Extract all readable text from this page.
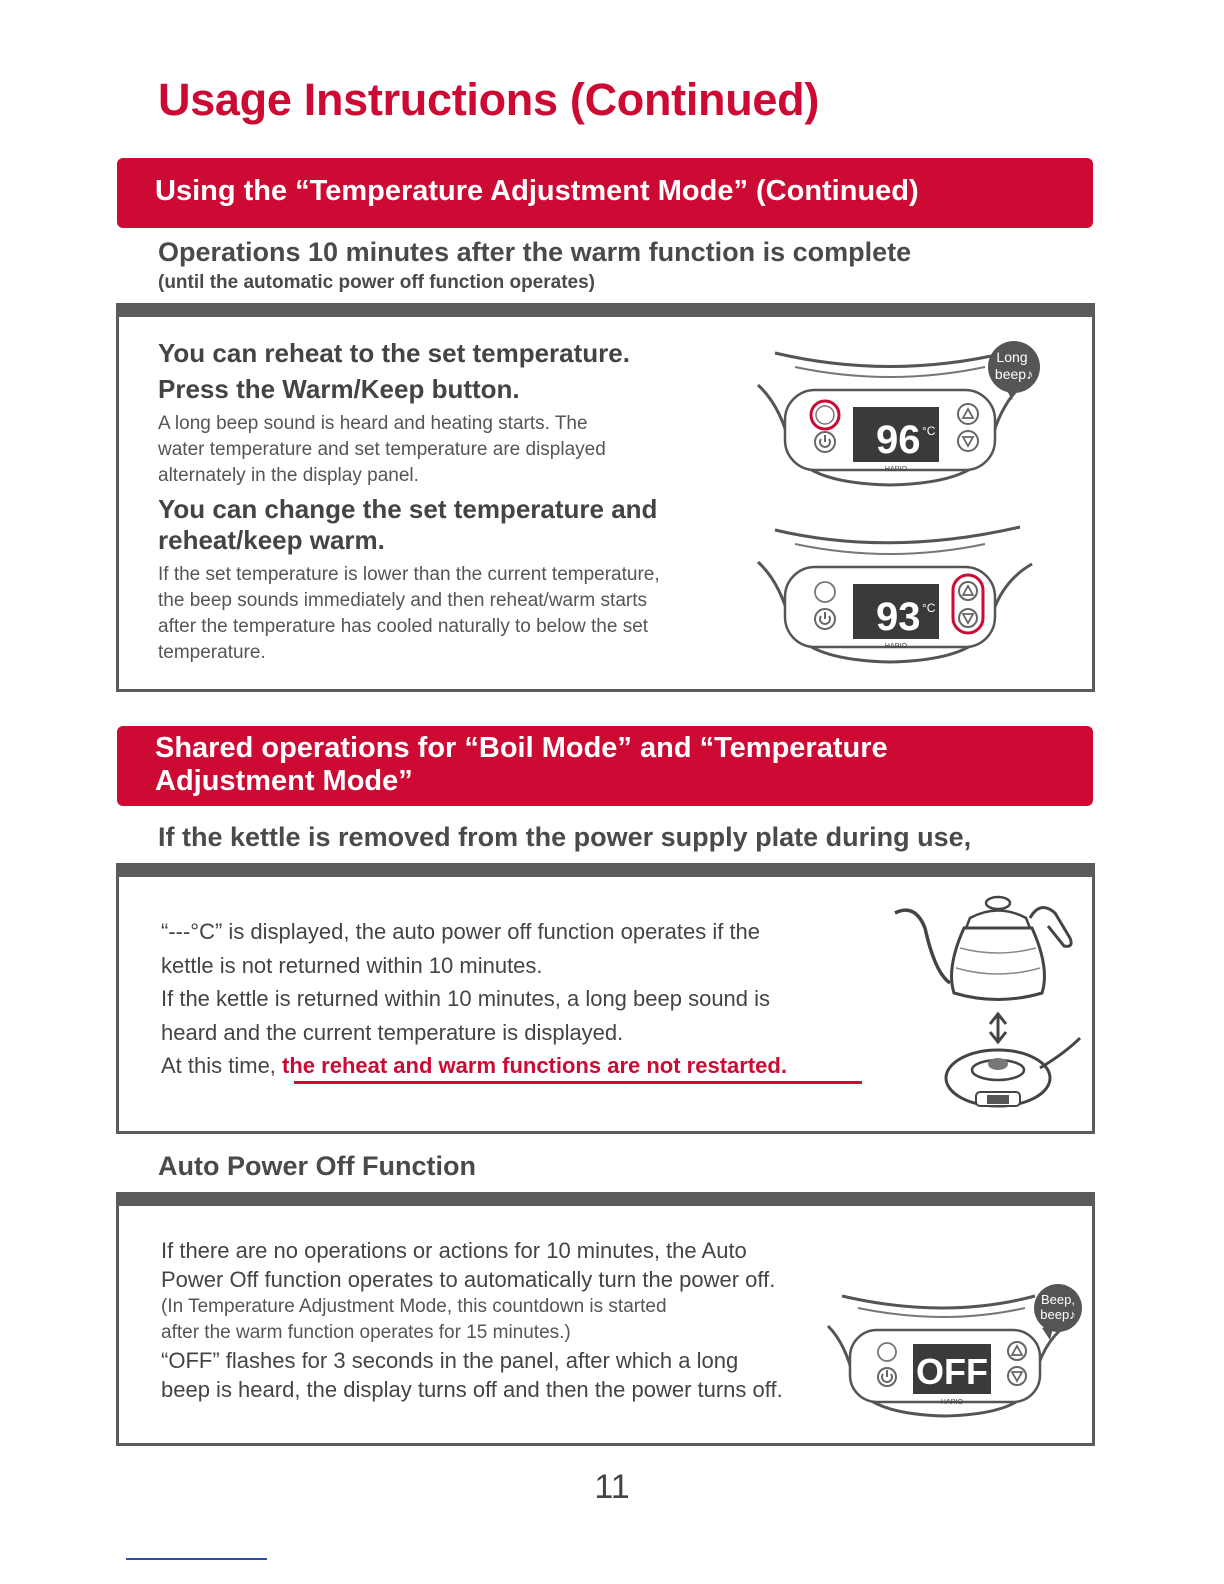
Usage Instructions (Continued)
Using the “Temperature Adjustment Mode” (Continued)
Operations 10 minutes after the warm function is complete
(until the automatic power off function operates)
You can reheat to the set temperature.
Press the Warm/Keep button.
A long beep sound is heard and heating starts. The
water temperature and set temperature are displayed
alternately in the display panel.
You can change the set temperature and
reheat/keep warm.
If the set temperature is lower than the current temperature,
the beep sounds immediately and then reheat/warm starts
after the temperature has cooled naturally to below the set
temperature.
96 °C
HARIO
Long
beep♪
93 °C
HARIO
Shared operations for “Boil Mode” and “Temperature
Adjustment Mode”
If the kettle is removed from the power supply plate during use,
“---°C” is displayed, the auto power off function operates if the
kettle is not returned within 10 minutes.
If the kettle is returned within 10 minutes, a long beep sound is
heard and the current temperature is displayed.
At this time, the reheat and warm functions are not restarted.
Auto Power Off Function
If there are no operations or actions for 10 minutes, the Auto
Power Off function operates to automatically turn the power off.
(In Temperature Adjustment Mode, this countdown is started
after the warm function operates for 15 minutes.)
“OFF” flashes for 3 seconds in the panel, after which a long
beep is heard, the display turns off and then the power turns off.	OFF
HARIO
Beep,
beep♪
11
